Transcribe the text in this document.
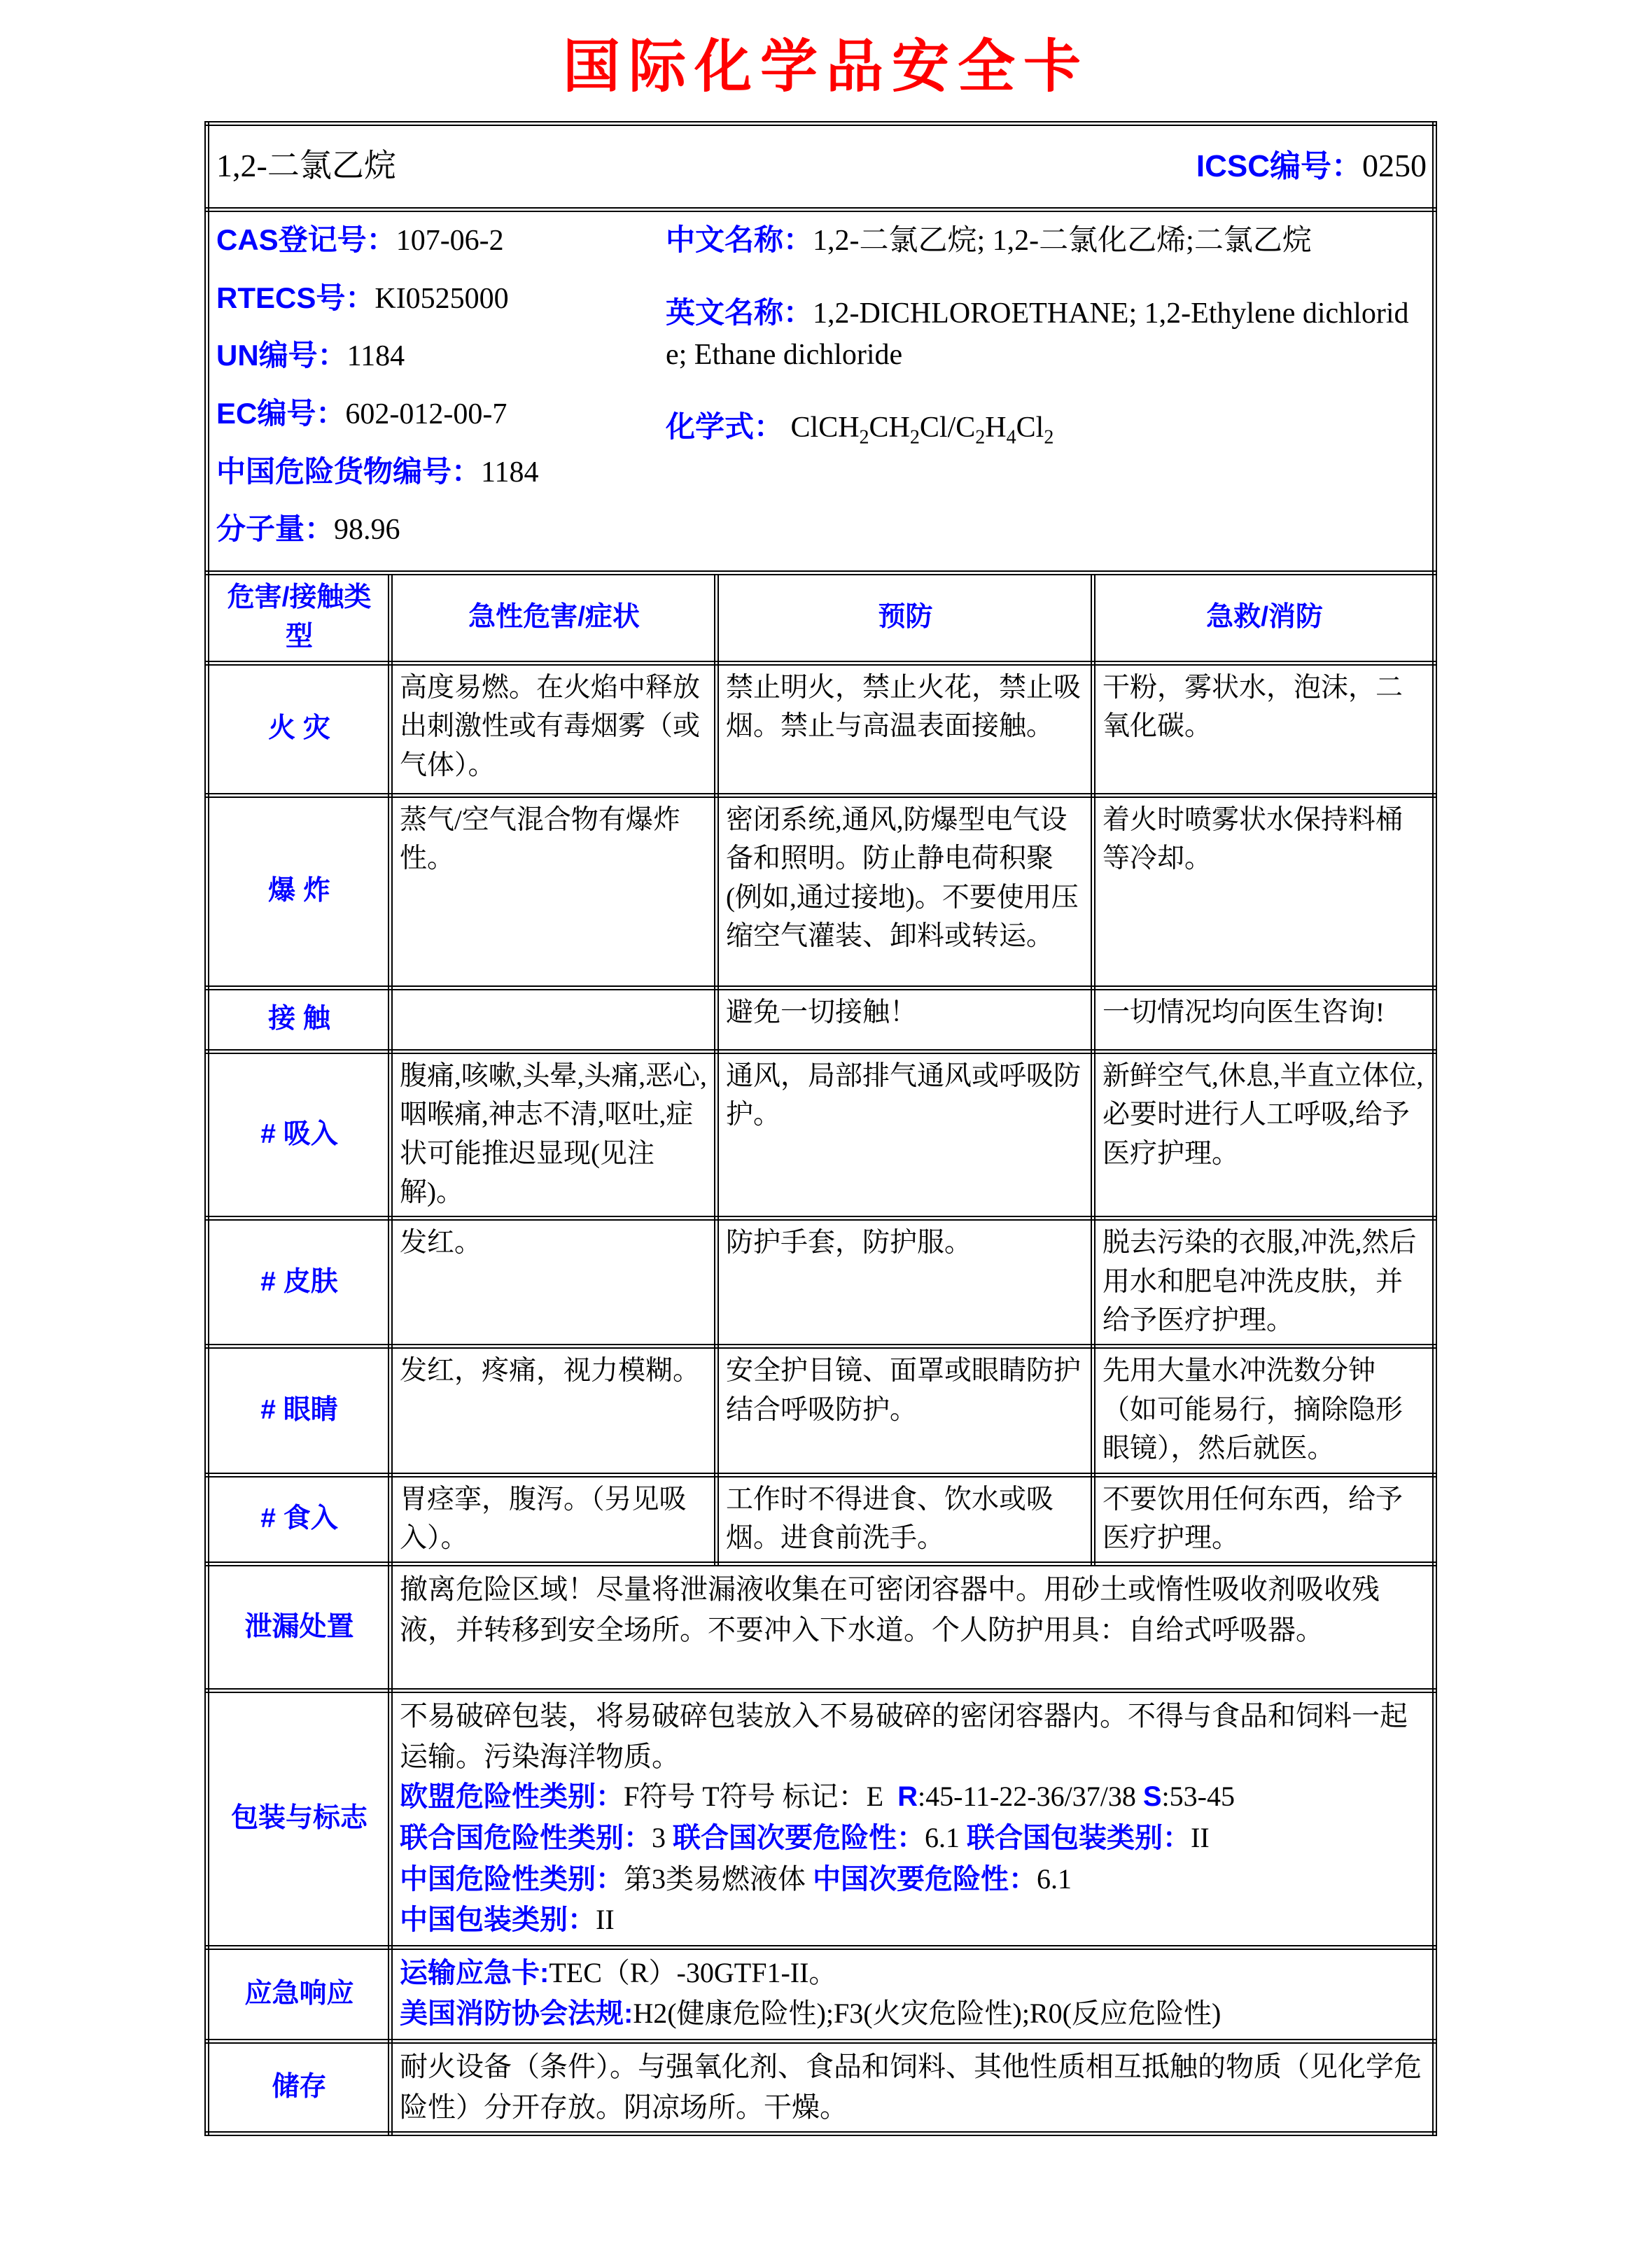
国际化学品安全卡
1,2-二氯乙烷 ICSC编号：0250			

CAS登记号：107-06-2
RTECS号：KI0525000
UN编号：1184
EC编号：602-012-00-7
中国危险货物编号：1184
分子量：98.96
中文名称：1,2-二氯乙烷; 1,2-二氯化乙烯;二氯乙烷
英文名称：1,2-DICHLOROETHANE; 1,2-Ethylene dichloride; Ethane dichloride
化学式： $ClCH_2CH_2Cl/C_2H_4Cl_2$

危害/接触类型	急性危害/症状	预防	急救/消防
火 灾	高度易燃。在火焰中释放出刺激性或有毒烟雾（或气体）。	禁止明火，禁止火花，禁止吸烟。禁止与高温表面接触。	干粉，雾状水，泡沫，二氧化碳。
爆 炸	蒸气/空气混合物有爆炸性。	密闭系统,通风,防爆型电气设备和照明。防止静电荷积聚(例如,通过接地)。不要使用压缩空气灌装、卸料或转运。	着火时喷雾状水保持料桶等冷却。
接 触		避免一切接触！	一切情况均向医生咨询!
# 吸入	腹痛,咳嗽,头晕,头痛,恶心,咽喉痛,神志不清,呕吐,症状可能推迟显现(见注解)。	通风，局部排气通风或呼吸防护。	新鲜空气,休息,半直立体位,必要时进行人工呼吸,给予医疗护理。
# 皮肤	发红。	防护手套，防护服。	脱去污染的衣服,冲洗,然后用水和肥皂冲洗皮肤，并给予医疗护理。
# 眼睛	发红，疼痛，视力模糊。	安全护目镜、面罩或眼睛防护结合呼吸防护。	先用大量水冲洗数分钟（如可能易行，摘除隐形眼镜），然后就医。
# 食入	胃痉挛，腹泻。（另见吸入）。	工作时不得进食、饮水或吸烟。进食前洗手。	不要饮用任何东西，给予医疗护理。
泄漏处置	撤离危险区域！尽量将泄漏液收集在可密闭容器中。用砂土或惰性吸收剂吸收残液，并转移到安全场所。不要冲入下水道。个人防护用具：自给式呼吸器。		

包装与标志	不易破碎包装，将易破碎包装放入不易破碎的密闭容器内。不得与食品和饲料一起运输。污染海洋物质。
欧盟危险性类别：F符号 T符号 标记：E  R:45-11-22-36/37/38 S:53-45
联合国危险性类别：3 联合国次要危险性：6.1 联合国包装类别：II
中国危险性类别：第3类易燃液体 中国次要危险性：6.1
中国包装类别：II		

应急响应	运输应急卡:TEC（R）-30GTF1-II。
美国消防协会法规:H2(健康危险性);F3(火灾危险性);R0(反应危险性)		

储存	耐火设备（条件）。与强氧化剂、食品和饲料、其他性质相互抵触的物质（见化学危险性）分开存放。阴凉场所。干燥。		
